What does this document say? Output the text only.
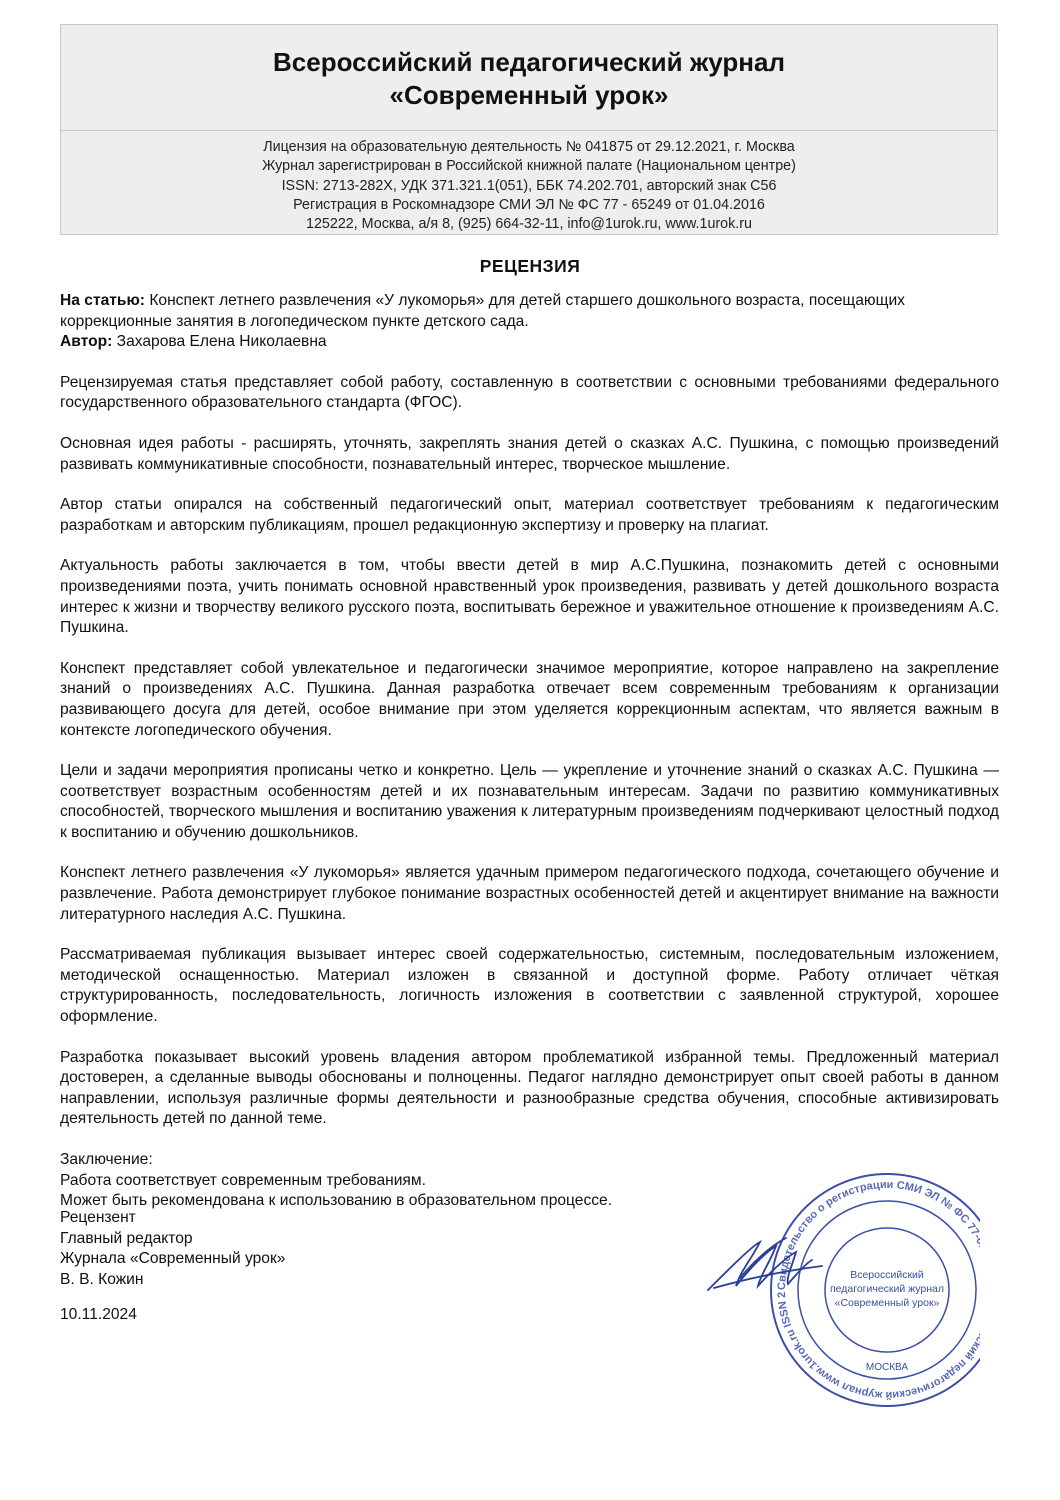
Всероссийский педагогический журнал
«Современный урок»
Лицензия на образовательную деятельность № 041875 от 29.12.2021, г. Москва
Журнал зарегистрирован в Российской книжной палате (Национальном центре)
ISSN: 2713-282X, УДК 371.321.1(051), ББК 74.202.701, авторский знак С56
Регистрация в Роскомнадзоре СМИ ЭЛ № ФС 77 - 65249 от 01.04.2016
125222, Москва, а/я 8, (925) 664-32-11, info@1urok.ru, www.1urok.ru
РЕЦЕНЗИЯ

На статью: Конспект летнего развлечения «У лукоморья» для детей старшего дошкольного возраста, посещающих коррекционные занятия в логопедическом пункте детского сада.

Автор: Захарова Елена Николаевна

Рецензируемая статья представляет собой работу, составленную в соответствии с основными требованиями федерального государственного образовательного стандарта (ФГОС).

Основная идея работы - расширять, уточнять, закреплять знания детей о сказках А.С. Пушкина, с помощью произведений развивать коммуникативные способности, познавательный интерес, творческое мышление.

Автор статьи опирался на собственный педагогический опыт, материал соответствует требованиям к педагогическим разработкам и авторским публикациям, прошел редакционную экспертизу и проверку на плагиат.

Актуальность работы заключается в том, чтобы ввести детей в мир А.С.Пушкина, познакомить детей с основными произведениями поэта, учить понимать основной нравственный урок произведения, развивать у детей дошкольного возраста интерес к жизни и творчеству великого русского поэта, воспитывать бережное и уважительное отношение к произведениям А.С. Пушкина.

Конспект представляет собой увлекательное и педагогически значимое мероприятие, которое направлено на закрепление знаний о произведениях А.С. Пушкина. Данная разработка отвечает всем современным требованиям к организации развивающего досуга для детей, особое внимание при этом уделяется коррекционным аспектам, что является важным в контексте логопедического обучения.

Цели и задачи мероприятия прописаны четко и конкретно. Цель — укрепление и уточнение знаний о сказках А.С. Пушкина — соответствует возрастным особенностям детей и их познавательным интересам. Задачи по развитию коммуникативных способностей, творческого мышления и воспитанию уважения к литературным произведениям подчеркивают целостный подход к воспитанию и обучению дошкольников.

Конспект летнего развлечения «У лукоморья» является удачным примером педагогического подхода, сочетающего обучение и развлечение. Работа демонстрирует глубокое понимание возрастных особенностей детей и акцентирует внимание на важности литературного наследия А.С. Пушкина.

Рассматриваемая публикация вызывает интерес своей содержательностью, системным, последовательным изложением, методической оснащенностью. Материал изложен в связанной и доступной форме. Работу отличает чёткая структурированность, последовательность, логичность изложения в соответствии с заявленной структурой, хорошее оформление.

Разработка показывает высокий уровень владения автором проблематикой избранной темы. Предложенный материал достоверен, а сделанные выводы обоснованы и полноценны. Педагог наглядно демонстрирует опыт своей работы в данном направлении, используя различные формы деятельности и разнообразные средства обучения, способные активизировать деятельность детей по данной теме.

Заключение:

Работа соответствует современным требованиям.

Может быть рекомендована к использованию в образовательном процессе.

Рецензент
Главный редактор
Журнала «Современный урок»
В. В. Кожин
10.11.2024
Свидетельство о регистрации СМИ ЭЛ № ФС 77 ий педагогический журнал www.1urok.ru ISSN 2
МОСКВА
Всероссийский
педагогический журнал
«Современный урок»
